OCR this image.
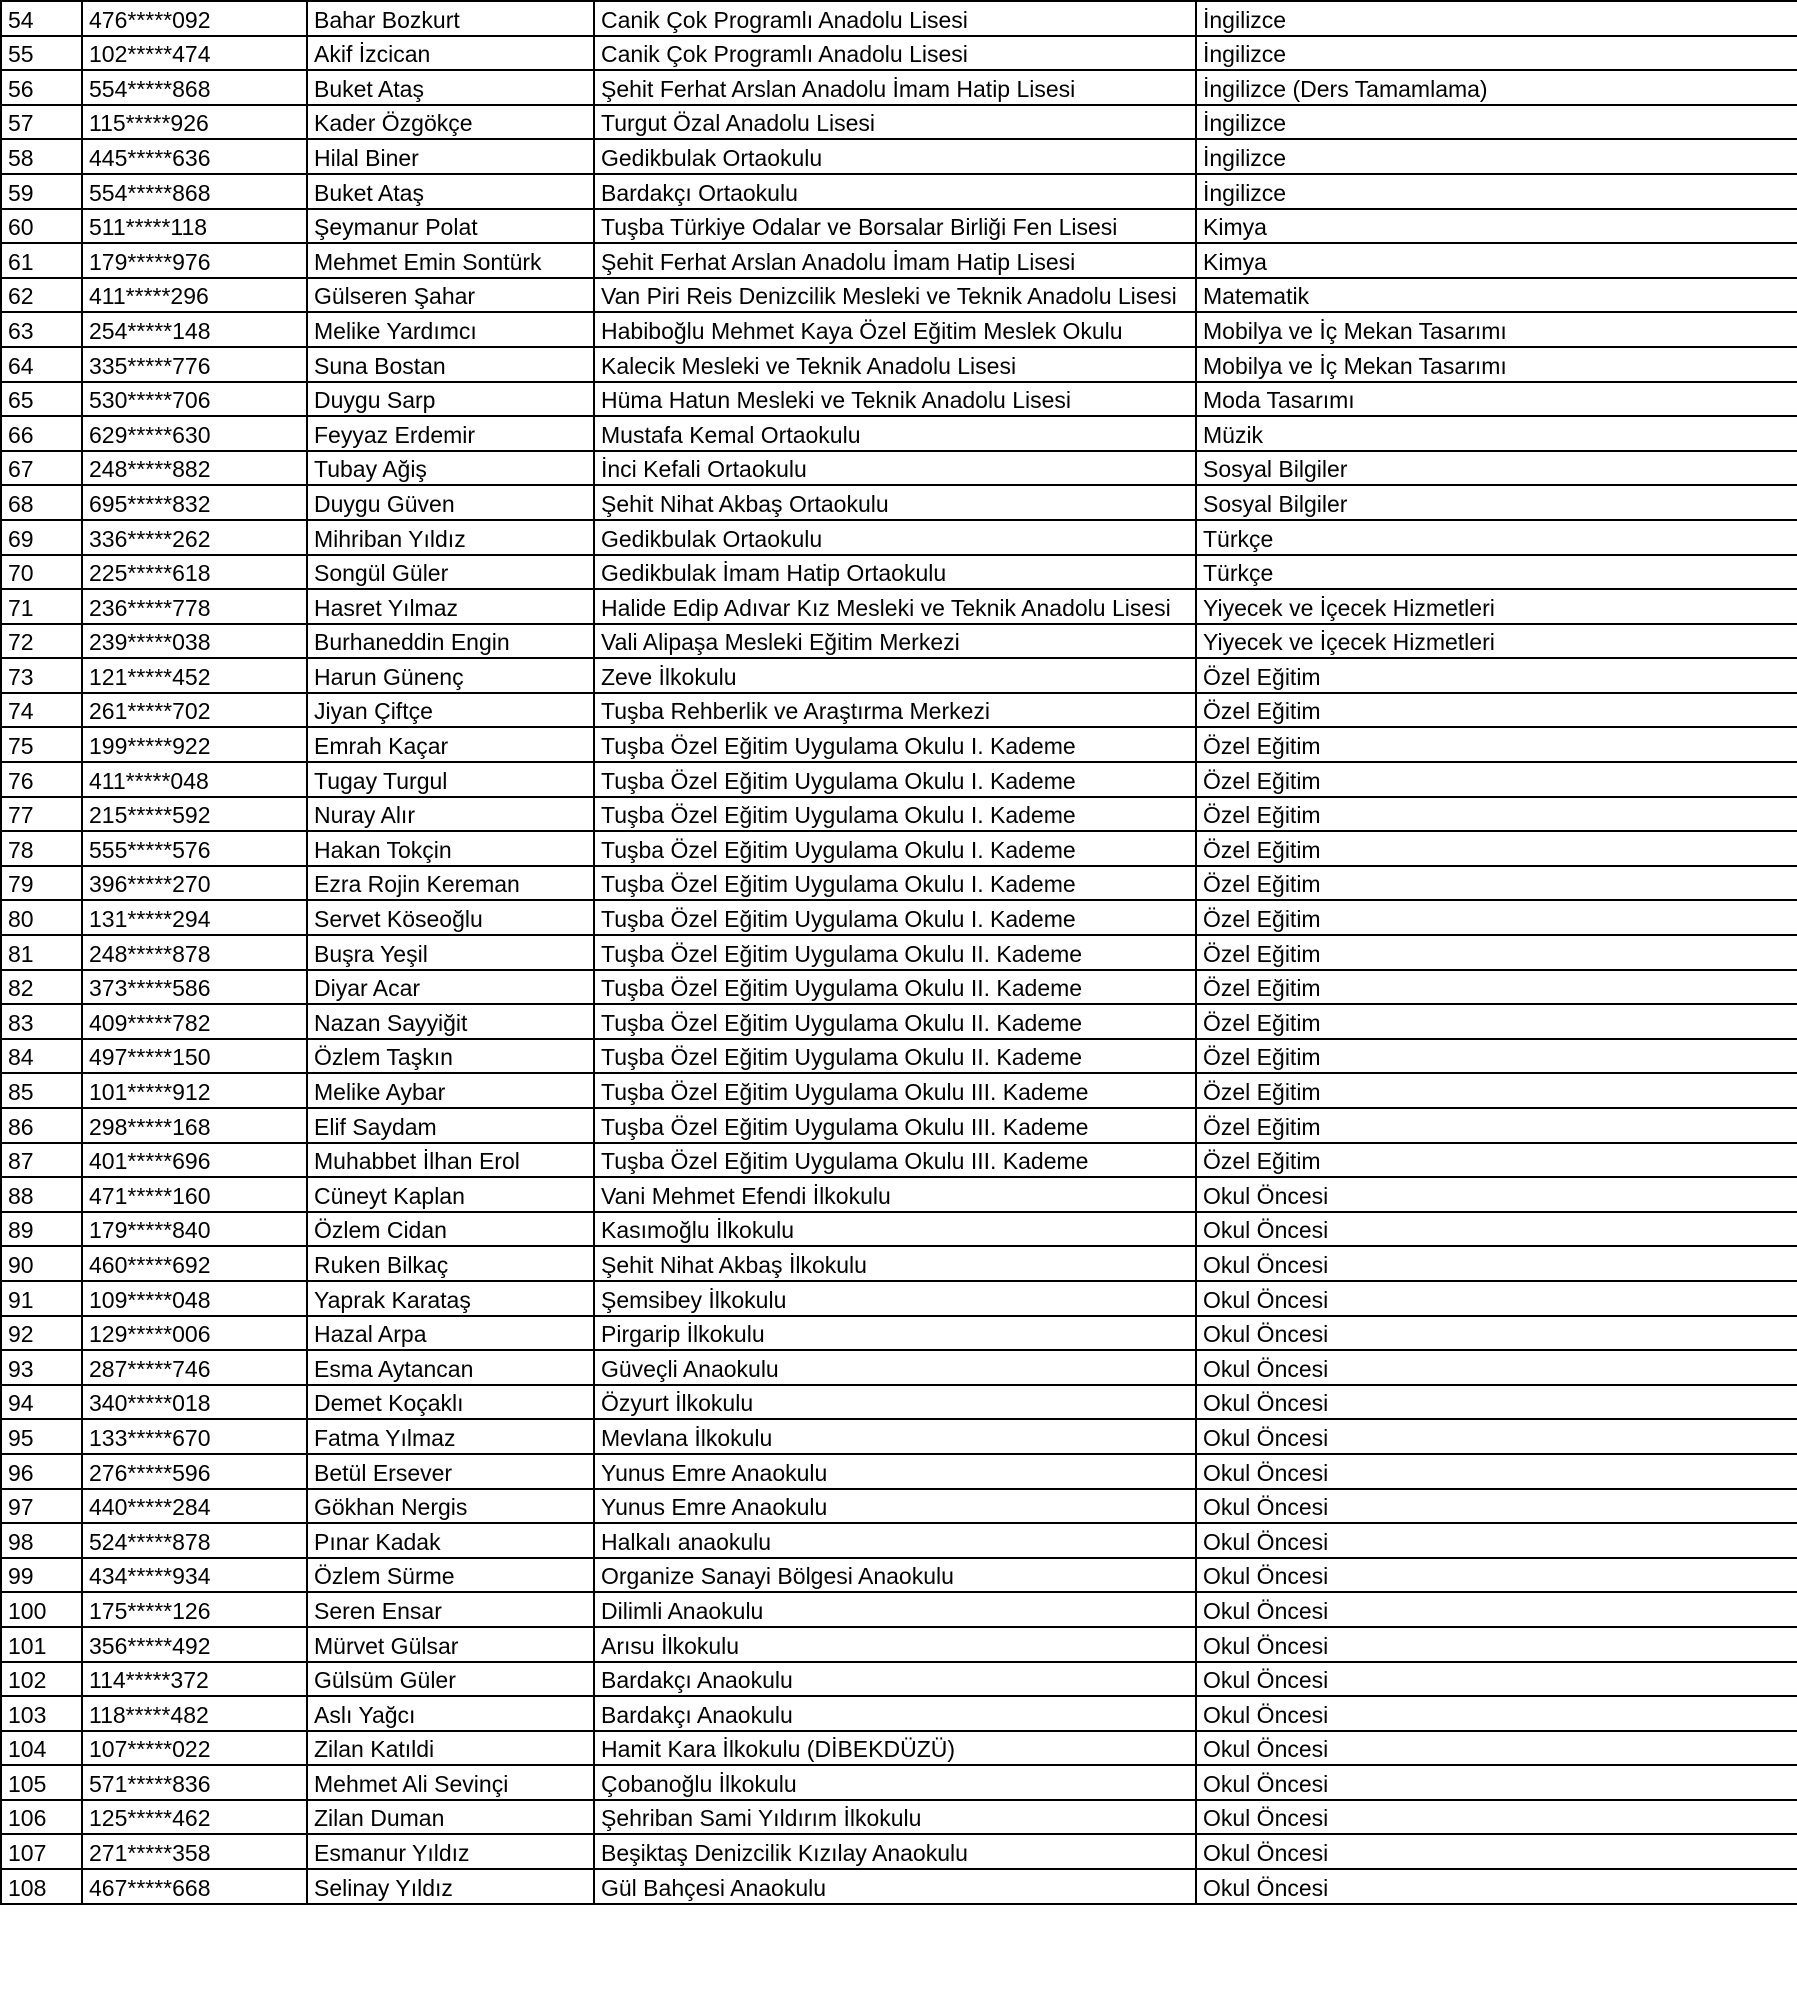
54	476*****092	Bahar Bozkurt	Canik Çok Programlı Anadolu Lisesi	İngilizce
55	102*****474	Akif İzcican	Canik Çok Programlı Anadolu Lisesi	İngilizce
56	554*****868	Buket Ataş	Şehit Ferhat Arslan Anadolu İmam Hatip Lisesi	İngilizce (Ders Tamamlama)
57	115*****926	Kader Özgökçe	Turgut Özal Anadolu Lisesi	İngilizce
58	445*****636	Hilal Biner	Gedikbulak Ortaokulu	İngilizce
59	554*****868	Buket Ataş	Bardakçı Ortaokulu	İngilizce
60	511*****118	Şeymanur Polat	Tuşba Türkiye Odalar ve Borsalar Birliği Fen Lisesi	Kimya
61	179*****976	Mehmet Emin Sontürk	Şehit Ferhat Arslan Anadolu İmam Hatip Lisesi	Kimya
62	411*****296	Gülseren Şahar	Van Piri Reis Denizcilik Mesleki ve Teknik Anadolu Lisesi	Matematik
63	254*****148	Melike Yardımcı	Habiboğlu Mehmet Kaya Özel Eğitim Meslek Okulu	Mobilya ve İç Mekan Tasarımı
64	335*****776	Suna Bostan	Kalecik Mesleki ve Teknik Anadolu Lisesi	Mobilya ve İç Mekan Tasarımı
65	530*****706	Duygu Sarp	Hüma Hatun Mesleki ve Teknik Anadolu Lisesi	Moda Tasarımı
66	629*****630	Feyyaz Erdemir	Mustafa Kemal Ortaokulu	Müzik
67	248*****882	Tubay Ağiş	İnci Kefali Ortaokulu	Sosyal Bilgiler
68	695*****832	Duygu Güven	Şehit Nihat Akbaş Ortaokulu	Sosyal Bilgiler
69	336*****262	Mihriban Yıldız	Gedikbulak Ortaokulu	Türkçe
70	225*****618	Songül Güler	Gedikbulak İmam Hatip Ortaokulu	Türkçe
71	236*****778	Hasret Yılmaz	Halide Edip Adıvar Kız Mesleki ve Teknik Anadolu Lisesi	Yiyecek ve İçecek Hizmetleri
72	239*****038	Burhaneddin Engin	Vali Alipaşa Mesleki Eğitim Merkezi	Yiyecek ve İçecek Hizmetleri
73	121*****452	Harun Günenç	Zeve İlkokulu	Özel Eğitim
74	261*****702	Jiyan Çiftçe	Tuşba Rehberlik ve Araştırma Merkezi	Özel Eğitim
75	199*****922	Emrah Kaçar	Tuşba Özel Eğitim Uygulama Okulu I. Kademe	Özel Eğitim
76	411*****048	Tugay Turgul	Tuşba Özel Eğitim Uygulama Okulu I. Kademe	Özel Eğitim
77	215*****592	Nuray Alır	Tuşba Özel Eğitim Uygulama Okulu I. Kademe	Özel Eğitim
78	555*****576	Hakan Tokçin	Tuşba Özel Eğitim Uygulama Okulu I. Kademe	Özel Eğitim
79	396*****270	Ezra Rojin Kereman	Tuşba Özel Eğitim Uygulama Okulu I. Kademe	Özel Eğitim
80	131*****294	Servet Köseoğlu	Tuşba Özel Eğitim Uygulama Okulu I. Kademe	Özel Eğitim
81	248*****878	Buşra Yeşil	Tuşba Özel Eğitim Uygulama Okulu II. Kademe	Özel Eğitim
82	373*****586	Diyar Acar	Tuşba Özel Eğitim Uygulama Okulu II. Kademe	Özel Eğitim
83	409*****782	Nazan Sayyiğit	Tuşba Özel Eğitim Uygulama Okulu II. Kademe	Özel Eğitim
84	497*****150	Özlem Taşkın	Tuşba Özel Eğitim Uygulama Okulu II. Kademe	Özel Eğitim
85	101*****912	Melike Aybar	Tuşba Özel Eğitim Uygulama Okulu III. Kademe	Özel Eğitim
86	298*****168	Elif Saydam	Tuşba Özel Eğitim Uygulama Okulu III. Kademe	Özel Eğitim
87	401*****696	Muhabbet İlhan Erol	Tuşba Özel Eğitim Uygulama Okulu III. Kademe	Özel Eğitim
88	471*****160	Cüneyt Kaplan	Vani Mehmet Efendi İlkokulu	Okul Öncesi
89	179*****840	Özlem Cidan	Kasımoğlu İlkokulu	Okul Öncesi
90	460*****692	Ruken Bilkaç	Şehit Nihat Akbaş İlkokulu	Okul Öncesi
91	109*****048	Yaprak Karataş	Şemsibey İlkokulu	Okul Öncesi
92	129*****006	Hazal Arpa	Pirgarip İlkokulu	Okul Öncesi
93	287*****746	Esma Aytancan	Güveçli Anaokulu	Okul Öncesi
94	340*****018	Demet Koçaklı	Özyurt İlkokulu	Okul Öncesi
95	133*****670	Fatma Yılmaz	Mevlana İlkokulu	Okul Öncesi
96	276*****596	Betül Ersever	Yunus Emre Anaokulu	Okul Öncesi
97	440*****284	Gökhan Nergis	Yunus Emre Anaokulu	Okul Öncesi
98	524*****878	Pınar Kadak	Halkalı anaokulu	Okul Öncesi
99	434*****934	Özlem Sürme	Organize Sanayi Bölgesi Anaokulu	Okul Öncesi
100	175*****126	Seren Ensar	Dilimli Anaokulu	Okul Öncesi
101	356*****492	Mürvet Gülsar	Arısu İlkokulu	Okul Öncesi
102	114*****372	Gülsüm Güler	Bardakçı Anaokulu	Okul Öncesi
103	118*****482	Aslı Yağcı	Bardakçı Anaokulu	Okul Öncesi
104	107*****022	Zilan Katıldi	Hamit Kara İlkokulu (DİBEKDÜZÜ)	Okul Öncesi
105	571*****836	Mehmet Ali Sevinçi	Çobanoğlu İlkokulu	Okul Öncesi
106	125*****462	Zilan Duman	Şehriban Sami Yıldırım İlkokulu	Okul Öncesi
107	271*****358	Esmanur Yıldız	Beşiktaş Denizcilik Kızılay Anaokulu	Okul Öncesi
108	467*****668	Selinay Yıldız	Gül Bahçesi Anaokulu	Okul Öncesi
